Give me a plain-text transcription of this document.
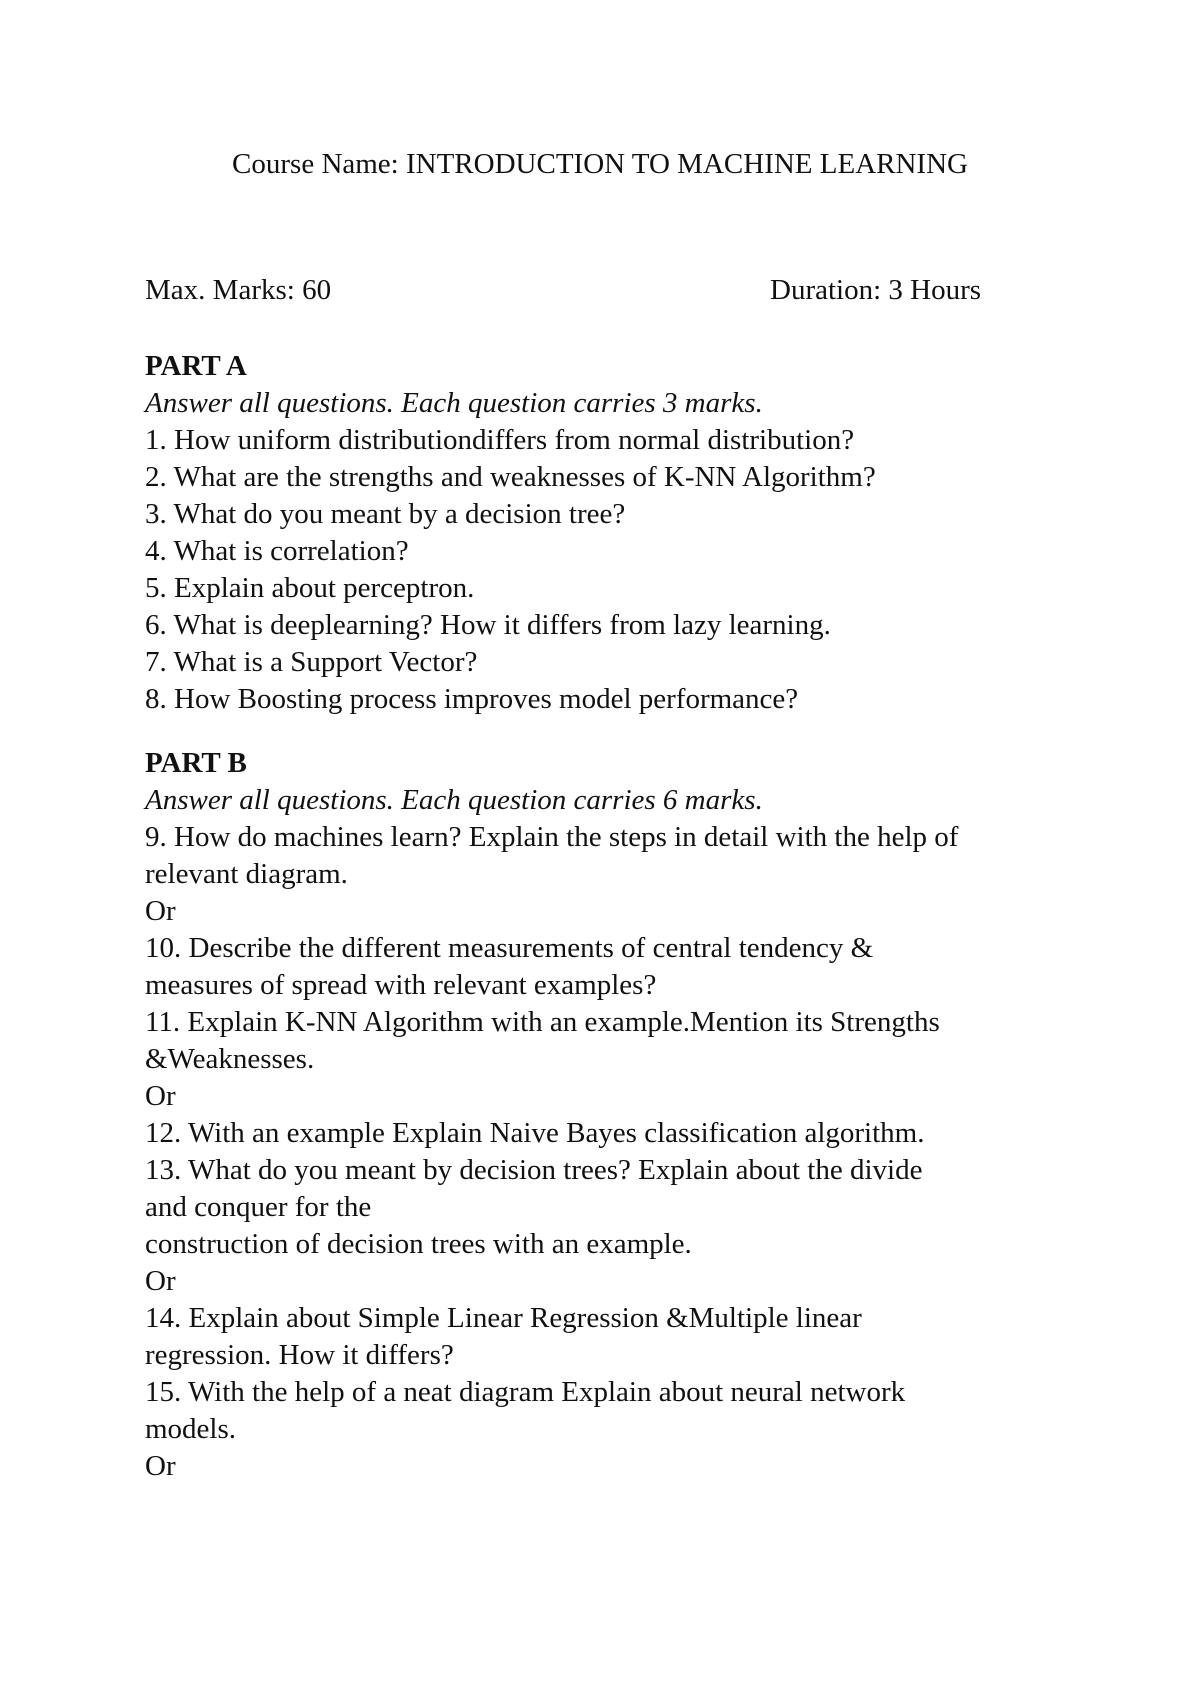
Course Name: INTRODUCTION TO MACHINE LEARNING
Max. Marks: 60	Duration: 3 Hours

PART A

Answer all questions. Each question carries 3 marks.

1. How uniform distributiondiffers from normal distribution?

2. What are the strengths and weaknesses of K-NN Algorithm?

3. What do you meant by a decision tree?

4. What is correlation?

5. Explain about perceptron.

6. What is deeplearning? How it differs from lazy learning.

7. What is a Support Vector?

8. How Boosting process improves model performance?

PART B

Answer all questions. Each question carries 6 marks.

9. How do machines learn? Explain the steps in detail with the help of

relevant diagram.

Or

10. Describe the different measurements of central tendency &

measures of spread with relevant examples?

11. Explain K-NN Algorithm with an example.Mention its Strengths

&Weaknesses.

Or

12. With an example Explain Naive Bayes classification algorithm.

13. What do you meant by decision trees? Explain about the divide

and conquer for the

construction of decision trees with an example.

Or

14. Explain about Simple Linear Regression &Multiple linear

regression. How it differs?

15. With the help of a neat diagram Explain about neural network

models.

Or
